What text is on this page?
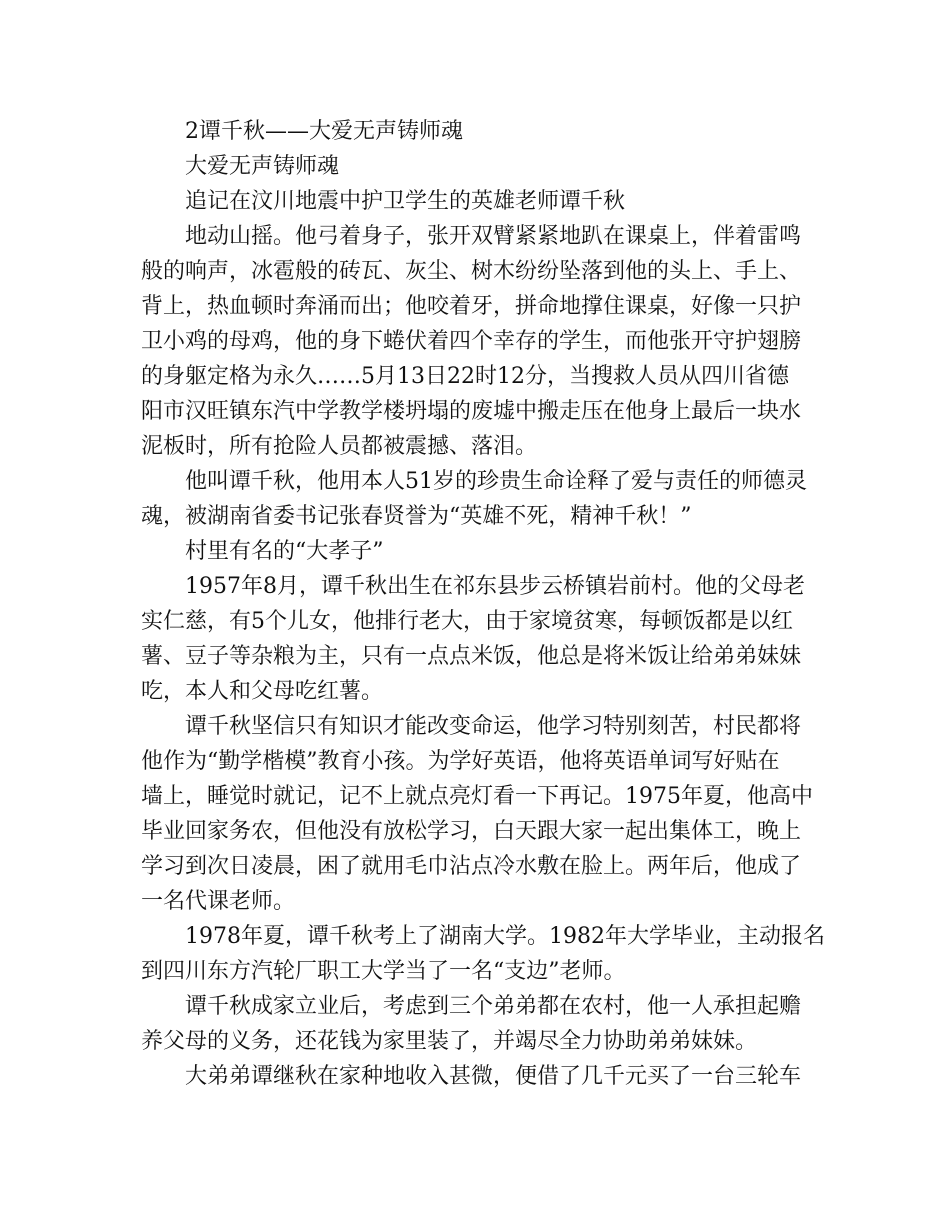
2谭千秋——大爱无声铸师魂
大爱无声铸师魂
追记在汶川地震中护卫学生的英雄老师谭千秋
地动山摇。他弓着身子，张开双臂紧紧地趴在课桌上，伴着雷鸣
般的响声，冰雹般的砖瓦、灰尘、树木纷纷坠落到他的头上、手上、
背上，热血顿时奔涌而出；他咬着牙，拼命地撑住课桌，好像一只护
卫小鸡的母鸡，他的身下蜷伏着四个幸存的学生，而他张开守护翅膀
的身躯定格为永久……5月13日22时12分，当搜救人员从四川省德
阳市汉旺镇东汽中学教学楼坍塌的废墟中搬走压在他身上最后一块水
泥板时，所有抢险人员都被震撼、落泪。
他叫谭千秋，他用本人51岁的珍贵生命诠释了爱与责任的师德灵
魂，被湖南省委书记张春贤誉为“英雄不死，精神千秋！”
村里有名的“大孝子”
1957年8月，谭千秋出生在祁东县步云桥镇岩前村。他的父母老
实仁慈，有5个儿女，他排行老大，由于家境贫寒，每顿饭都是以红
薯、豆子等杂粮为主，只有一点点米饭，他总是将米饭让给弟弟妹妹
吃，本人和父母吃红薯。
谭千秋坚信只有知识才能改变命运，他学习特别刻苦，村民都将
他作为“勤学楷模”教育小孩。为学好英语，他将英语单词写好贴在
墙上，睡觉时就记，记不上就点亮灯看一下再记。1975年夏，他高中
毕业回家务农，但他没有放松学习，白天跟大家一起出集体工，晚上
学习到次日凌晨，困了就用毛巾沾点冷水敷在脸上。两年后，他成了
一名代课老师。
1978年夏，谭千秋考上了湖南大学。1982年大学毕业，主动报名
到四川东方汽轮厂职工大学当了一名“支边”老师。
谭千秋成家立业后，考虑到三个弟弟都在农村，他一人承担起赡
养父母的义务，还花钱为家里装了，并竭尽全力协助弟弟妹妹。
大弟弟谭继秋在家种地收入甚微，便借了几千元买了一台三轮车
